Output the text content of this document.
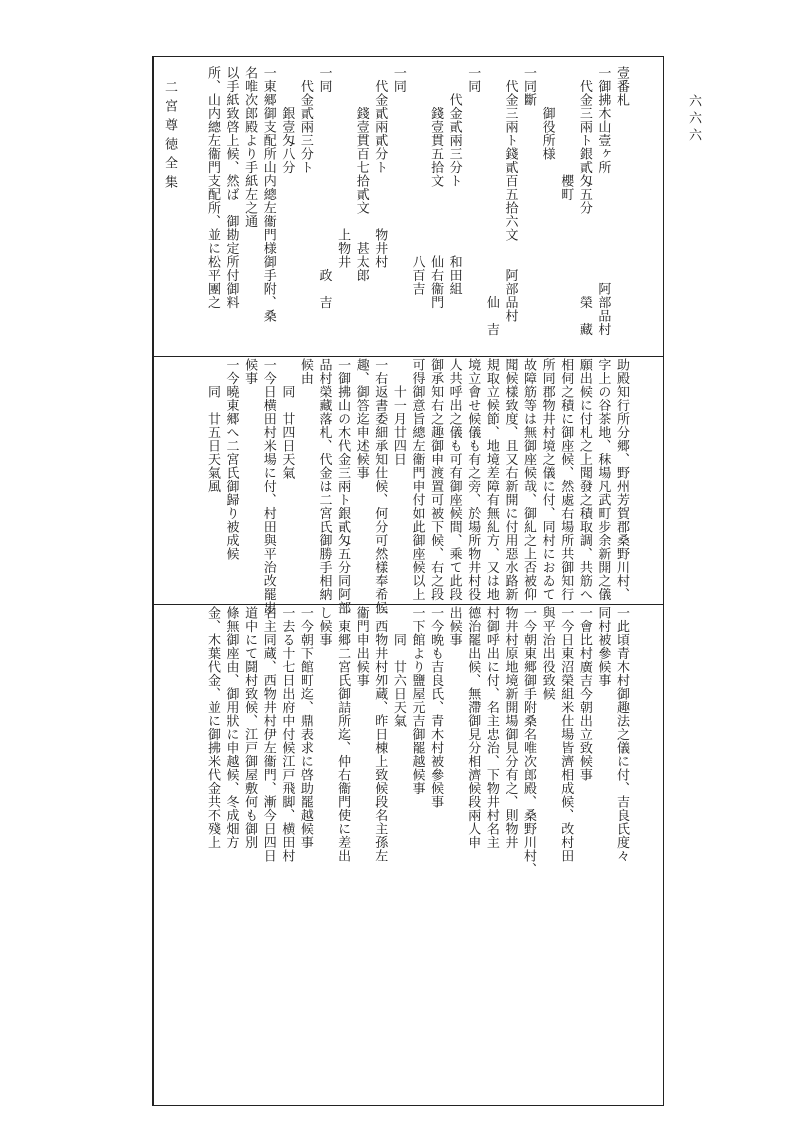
二宮尊徳全集	六六六
壹番札
一御拂木山壹ヶ所　　　　　　　　阿部品村
　代金三兩ト銀貳匁五分　　　　　　榮　藏
　　　　　　　　櫻町
　　　御役所様
一同斷
　代金三兩ト錢貳百五拾六文　　阿部品村
　　　　　　　　　　　　　　　　　仙　吉
一同
　　代金貳兩三分ト　　　　　和田組
　　　錢壹貫五拾文　　　　　仙右衞門
　　　　　　　　　　　　　　八百吉
一同
　代金貳兩貳分ト　　　　物井村
　　　錢壹貫百七拾貳文　　甚太郎
　　　　　　　　　　　　上物井
一同　　　　　　　　　　　　　政　吉
　代金貳兩三分ト
　　　銀壹匁八分
一東郷御支配所山内總左衞門様御手附、桑
名唯次郎殿より手紙左之通
以手紙致啓上候、然ば　御勘定所付御料
所、山内總左衞門支配所、並に松平團之
助殿知行所分郷、野州芳賀郡桑野川村、
字上の谷茶地、秣場凡武町步余新開之儀
願出候に付札之上聞發之積取調、共筋へ
相伺之積に御座候、然處右場所共御知行
所同郡物井村境之儀に付、同村におゐて
故障筋等は無御座候哉、御糺之上否被仰
聞候樣致度、且又右新開に付用惡水路新
規取立候節、地境差障有無糺方、又は地
境立會せ候儀も有之旁、於場所物井村役
人共呼出之儀も可有御座候間、乘て此段
御承知右之趣御申渡置可被下候、右之段
可得御意旨總左衞門申付如此御座候以上
　　十一月廿四日
一右返書委細承知仕候、何分可然樣奉希候
趣、御答迄申述候事
一御拂山の木代金三兩ト銀貳匁五分同阿部
品村榮藏落札、代金は二宮氏御勝手相納
候由
　　同　廿四日天氣
一今日横田村米場に付、村田與平治改罷出
候事
一今曉東郷へ二宮氏御歸り被成候
　　同　廿五日天氣風
一此頃青木村御趣法之儀に付、吉良氏度々
同村被參候事
一會比村廣吉今朝出立致候事
一今日東沼榮組米仕場皆濟相成候、改村田
與平治出役致候
一今朝東郷御手附桑名唯次郎殿、桑野川村、
物井村原地境新開場御見分有之、則物井
村御呼出に付、名主忠治、下物井村名主
德治罷出候、無滯御見分相濟候段兩人申
出候事
一今晩も吉良氏、青木村被參候事
一下館より鹽屋元吉御罷越候事
　　同　廿六日天氣
一西物井村夘蔵、昨日棟上致候段名主孫左
衞門申出候事
一東郷二宮氏御詰所迄、仲右衞門使に差出
し候事
一今朝下館町迄、鼎表求に啓助罷越候事
一去る十七日出府中付候江戸飛脚、横田村
名主同蔵、西物井村伊左衞門、漸今日四日
道中にて鬪村致候、江戸御屋敷何も御別
條無御座由、御用狀に申越候、冬成畑方
金、木葉代金、並に御拂米代金共不殘上
